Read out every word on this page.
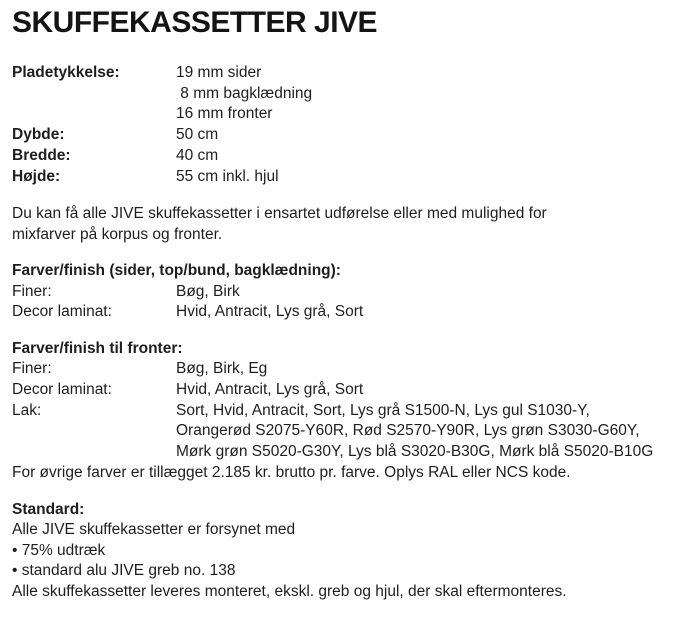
SKUFFEKASSETTER JIVE
Pladetykkelse:	19 mm sider
8 mm bagklædning
16 mm fronter
Dybde:	50 cm
Bredde:	40 cm
Højde:	55 cm inkl. hjul
Du kan få alle JIVE skuffekassetter i ensartet udførelse eller med mulighed for
mixfarver på korpus og fronter.
Farver/finish (sider, top/bund, bagklædning):
Finer:	Bøg, Birk
Decor laminat:	Hvid, Antracit, Lys grå, Sort
Farver/finish til fronter:
Finer:	Bøg, Birk, Eg
Decor laminat:	Hvid, Antracit, Lys grå, Sort
Lak:	Sort, Hvid, Antracit, Sort, Lys grå S1500-N, Lys gul S1030-Y,
Orangerød S2075-Y60R, Rød S2570-Y90R, Lys grøn S3030-G60Y,
Mørk grøn S5020-G30Y, Lys blå S3020-B30G, Mørk blå S5020-B10G
For øvrige farver er tillægget 2.185 kr. brutto pr. farve. Oplys RAL eller NCS kode.
Standard:
Alle JIVE skuffekassetter er forsynet med
• 75% udtræk
• standard alu JIVE greb no. 138
Alle skuffekassetter leveres monteret, ekskl. greb og hjul, der skal eftermonteres.
